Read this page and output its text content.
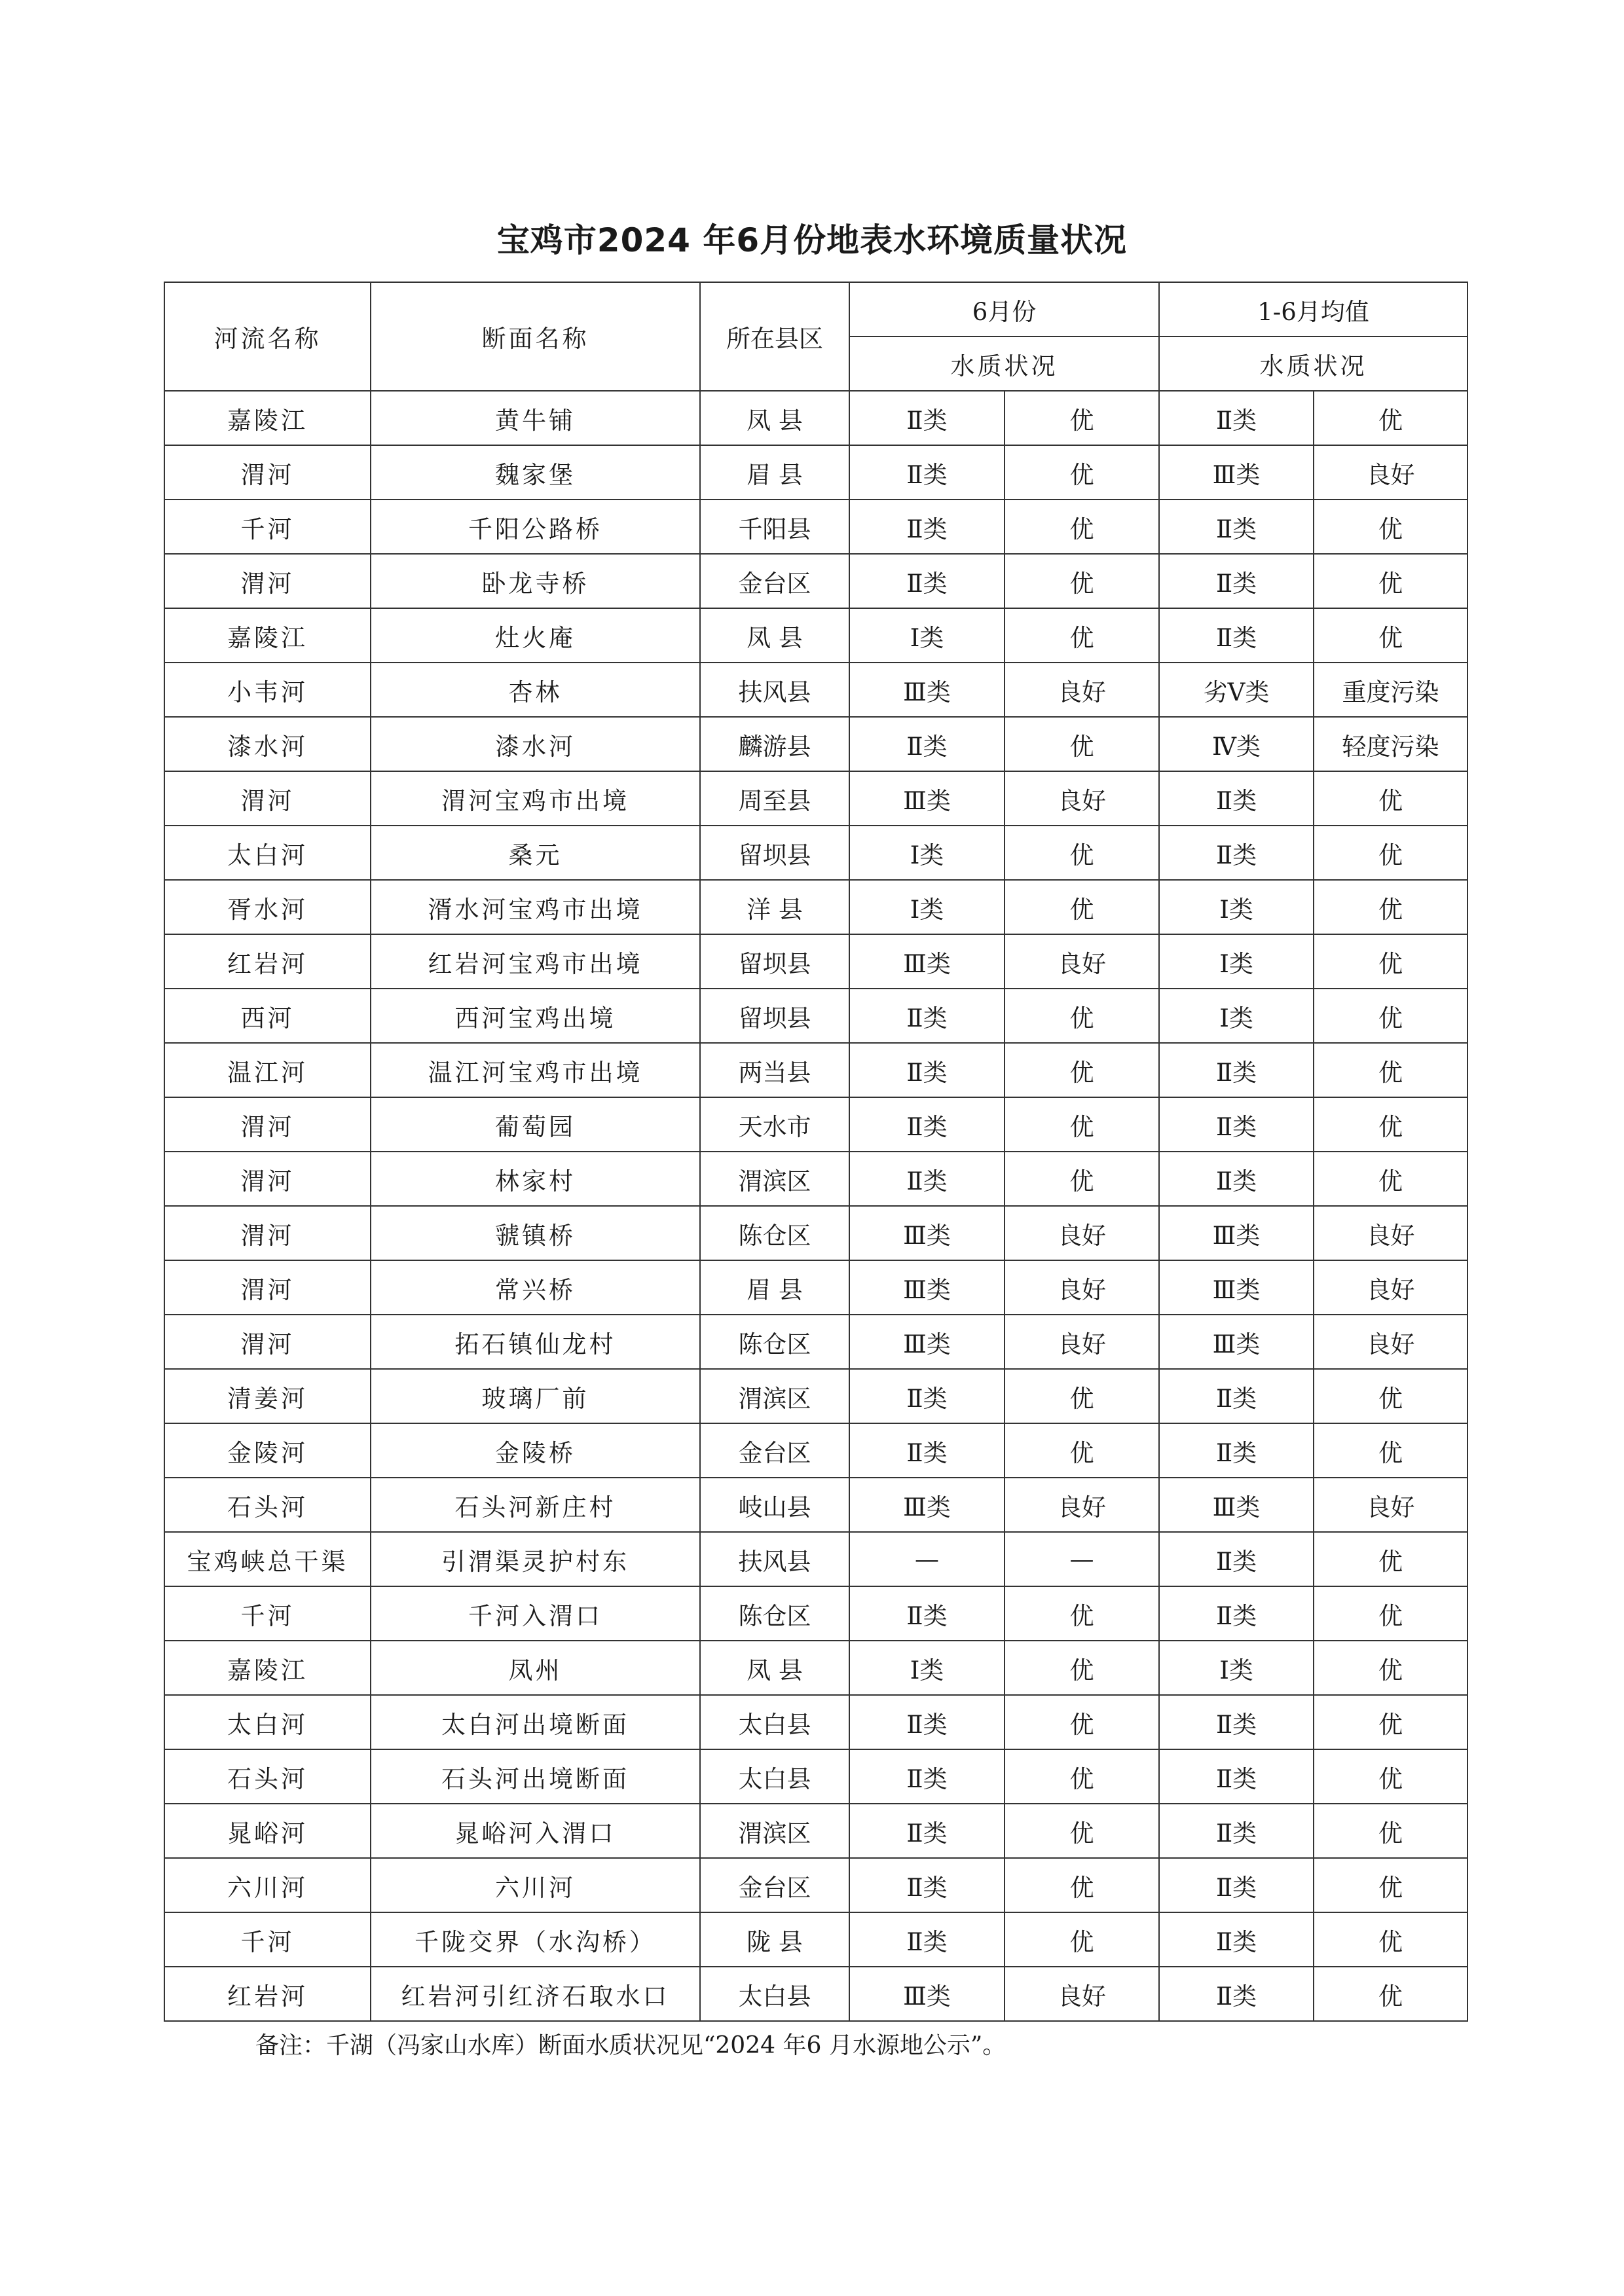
宝鸡市2024 年6月份地表水环境质量状况
河流名称	断面名称	所在县区	6月份		1-6月均值	
			水质状况		水质状况	
嘉陵江	黄牛铺	凤 县	Ⅱ类	优	Ⅱ类	优
渭河	魏家堡	眉 县	Ⅱ类	优	Ⅲ类	良好
千河	千阳公路桥	千阳县	Ⅱ类	优	Ⅱ类	优
渭河	卧龙寺桥	金台区	Ⅱ类	优	Ⅱ类	优
嘉陵江	灶火庵	凤 县	Ⅰ类	优	Ⅱ类	优
小韦河	杏林	扶风县	Ⅲ类	良好	劣Ⅴ类	重度污染
漆水河	漆水河	麟游县	Ⅱ类	优	Ⅳ类	轻度污染
渭河	渭河宝鸡市出境	周至县	Ⅲ类	良好	Ⅱ类	优
太白河	桑元	留坝县	Ⅰ类	优	Ⅱ类	优
胥水河	湑水河宝鸡市出境	洋 县	Ⅰ类	优	Ⅰ类	优
红岩河	红岩河宝鸡市出境	留坝县	Ⅲ类	良好	Ⅰ类	优
西河	西河宝鸡出境	留坝县	Ⅱ类	优	Ⅰ类	优
温江河	温江河宝鸡市出境	两当县	Ⅱ类	优	Ⅱ类	优
渭河	葡萄园	天水市	Ⅱ类	优	Ⅱ类	优
渭河	林家村	渭滨区	Ⅱ类	优	Ⅱ类	优
渭河	虢镇桥	陈仓区	Ⅲ类	良好	Ⅲ类	良好
渭河	常兴桥	眉 县	Ⅲ类	良好	Ⅲ类	良好
渭河	拓石镇仙龙村	陈仓区	Ⅲ类	良好	Ⅲ类	良好
清姜河	玻璃厂前	渭滨区	Ⅱ类	优	Ⅱ类	优
金陵河	金陵桥	金台区	Ⅱ类	优	Ⅱ类	优
石头河	石头河新庄村	岐山县	Ⅲ类	良好	Ⅲ类	良好
宝鸡峡总干渠	引渭渠灵护村东	扶风县	—	—	Ⅱ类	优
千河	千河入渭口	陈仓区	Ⅱ类	优	Ⅱ类	优
嘉陵江	凤州	凤 县	Ⅰ类	优	Ⅰ类	优
太白河	太白河出境断面	太白县	Ⅱ类	优	Ⅱ类	优
石头河	石头河出境断面	太白县	Ⅱ类	优	Ⅱ类	优
晁峪河	晁峪河入渭口	渭滨区	Ⅱ类	优	Ⅱ类	优
六川河	六川河	金台区	Ⅱ类	优	Ⅱ类	优
千河	千陇交界（水沟桥）	陇 县	Ⅱ类	优	Ⅱ类	优
红岩河	红岩河引红济石取水口	太白县	Ⅲ类	良好	Ⅱ类	优
备注：千湖（冯家山水库）断面水质状况见“2024 年6 月水源地公示”。
